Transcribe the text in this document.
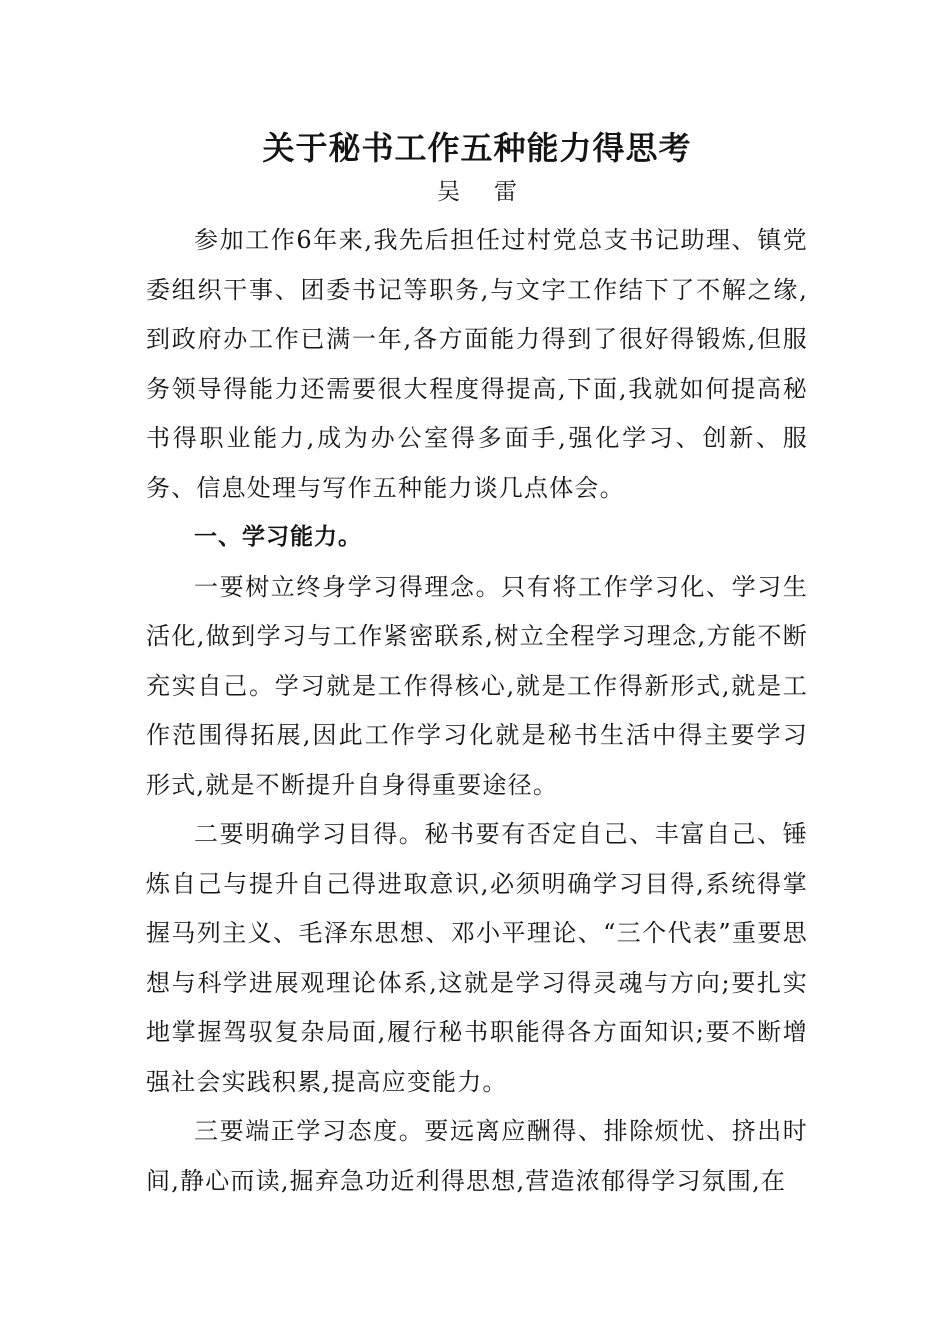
关于秘书工作五种能力得思考

吴雷

参加工作6年来,我先后担任过村党总支书记助理、镇党委组织干事、团委书记等职务,与文字工作结下了不解之缘,到政府办工作已满一年,各方面能力得到了很好得锻炼,但服务领导得能力还需要很大程度得提高,下面,我就如何提高秘书得职业能力,成为办公室得多面手,强化学习、创新、服务、信息处理与写作五种能力谈几点体会。

一、学习能力。

一要树立终身学习得理念。只有将工作学习化、学习生活化,做到学习与工作紧密联系,树立全程学习理念,方能不断充实自己。学习就是工作得核心,就是工作得新形式,就是工作范围得拓展,因此工作学习化就是秘书生活中得主要学习形式,就是不断提升自身得重要途径。

二要明确学习目得。秘书要有否定自己、丰富自己、锤炼自己与提升自己得进取意识,必须明确学习目得,系统得掌握马列主义、毛泽东思想、邓小平理论、“三个代表”重要思想与科学进展观理论体系,这就是学习得灵魂与方向;要扎实地掌握驾驭复杂局面,履行秘书职能得各方面知识;要不断增强社会实践积累,提高应变能力。

三要端正学习态度。要远离应酬得、排除烦忧、挤出时间,静心而读,掘弃急功近利得思想,营造浓郁得学习氛围,在
